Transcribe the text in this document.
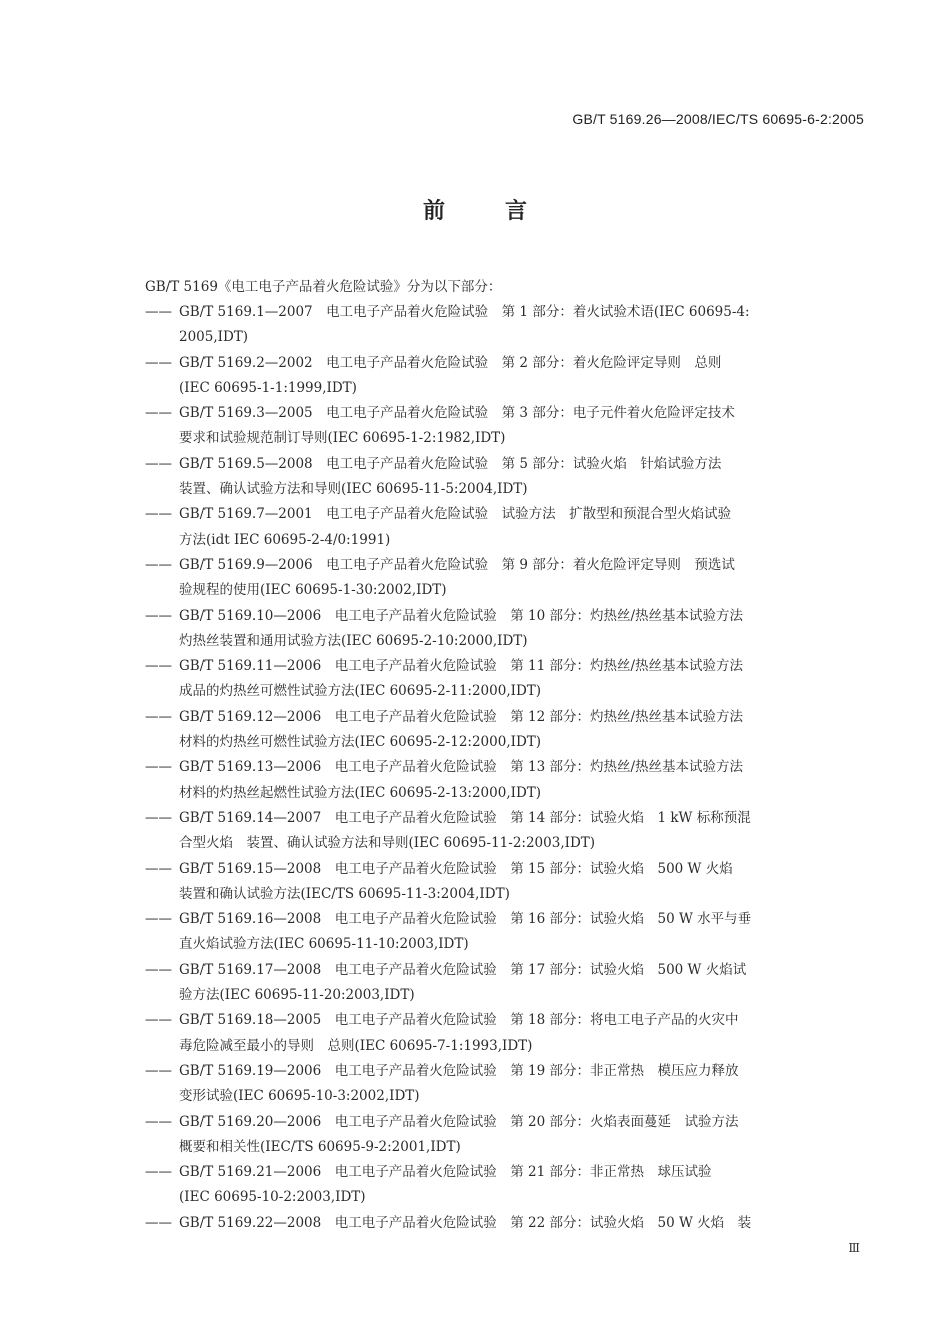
GB/T 5169.26—2008/IEC/TS 60695-6-2:2005
前言
GB/T 5169《电工电子产品着火危险试验》分为以下部分：
—— GB/T 5169.1—2007　电工电子产品着火危险试验　第 1 部分：着火试验术语(IEC 60695-4:
2005,IDT)
—— GB/T 5169.2—2002　电工电子产品着火危险试验　第 2 部分：着火危险评定导则　总则
(IEC 60695-1-1:1999,IDT)
—— GB/T 5169.3—2005　电工电子产品着火危险试验　第 3 部分：电子元件着火危险评定技术
要求和试验规范制订导则(IEC 60695-1-2:1982,IDT)
—— GB/T 5169.5—2008　电工电子产品着火危险试验　第 5 部分：试验火焰　针焰试验方法
装置、确认试验方法和导则(IEC 60695-11-5:2004,IDT)
—— GB/T 5169.7—2001　电工电子产品着火危险试验　试验方法　扩散型和预混合型火焰试验
方法(idt IEC 60695-2-4/0:1991)
—— GB/T 5169.9—2006　电工电子产品着火危险试验　第 9 部分：着火危险评定导则　预选试
验规程的使用(IEC 60695-1-30:2002,IDT)
—— GB/T 5169.10—2006　电工电子产品着火危险试验　第 10 部分：灼热丝/热丝基本试验方法
灼热丝装置和通用试验方法(IEC 60695-2-10:2000,IDT)
—— GB/T 5169.11—2006　电工电子产品着火危险试验　第 11 部分：灼热丝/热丝基本试验方法
成品的灼热丝可燃性试验方法(IEC 60695-2-11:2000,IDT)
—— GB/T 5169.12—2006　电工电子产品着火危险试验　第 12 部分：灼热丝/热丝基本试验方法
材料的灼热丝可燃性试验方法(IEC 60695-2-12:2000,IDT)
—— GB/T 5169.13—2006　电工电子产品着火危险试验　第 13 部分：灼热丝/热丝基本试验方法
材料的灼热丝起燃性试验方法(IEC 60695-2-13:2000,IDT)
—— GB/T 5169.14—2007　电工电子产品着火危险试验　第 14 部分：试验火焰　1 kW 标称预混
合型火焰　装置、确认试验方法和导则(IEC 60695-11-2:2003,IDT)
—— GB/T 5169.15—2008　电工电子产品着火危险试验　第 15 部分：试验火焰　500 W 火焰
装置和确认试验方法(IEC/TS 60695-11-3:2004,IDT)
—— GB/T 5169.16—2008　电工电子产品着火危险试验　第 16 部分：试验火焰　50 W 水平与垂
直火焰试验方法(IEC 60695-11-10:2003,IDT)
—— GB/T 5169.17—2008　电工电子产品着火危险试验　第 17 部分：试验火焰　500 W 火焰试
验方法(IEC 60695-11-20:2003,IDT)
—— GB/T 5169.18—2005　电工电子产品着火危险试验　第 18 部分：将电工电子产品的火灾中
毒危险减至最小的导则　总则(IEC 60695-7-1:1993,IDT)
—— GB/T 5169.19—2006　电工电子产品着火危险试验　第 19 部分：非正常热　模压应力释放
变形试验(IEC 60695-10-3:2002,IDT)
—— GB/T 5169.20—2006　电工电子产品着火危险试验　第 20 部分：火焰表面蔓延　试验方法
概要和相关性(IEC/TS 60695-9-2:2001,IDT)
—— GB/T 5169.21—2006　电工电子产品着火危险试验　第 21 部分：非正常热　球压试验
(IEC 60695-10-2:2003,IDT)
—— GB/T 5169.22—2008　电工电子产品着火危险试验　第 22 部分：试验火焰　50 W 火焰　装
Ⅲ
